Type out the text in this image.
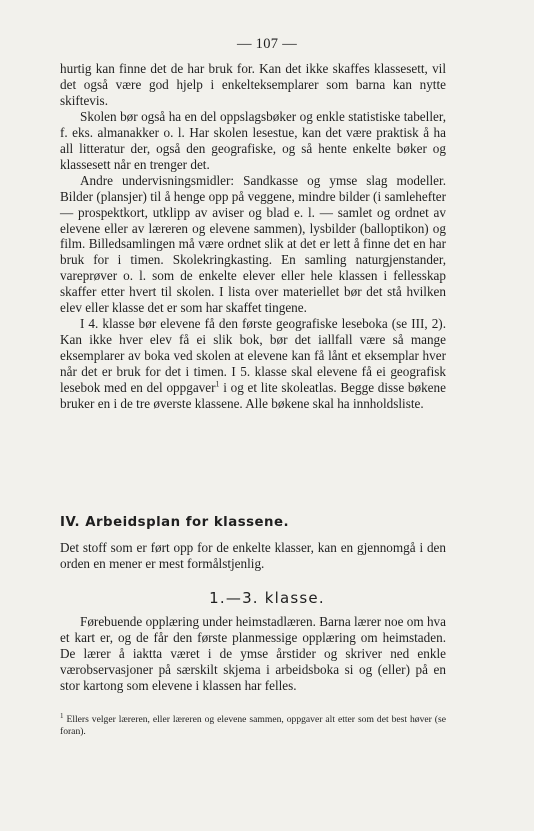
— 107 —

hurtig kan finne det de har bruk for. Kan det ikke skaffes klassesett, vil det også være god hjelp i enkelteksemplarer som barna kan nytte skiftevis.

Skolen bør også ha en del oppslagsbøker og enkle statistiske tabeller, f. eks. almanakker o. l. Har skolen lesestue, kan det være praktisk å ha all litteratur der, også den geografiske, og så hente enkelte bøker og klassesett når en trenger det.

Andre undervisningsmidler: Sandkasse og ymse slag modeller. Bilder (plansjer) til å henge opp på veggene, mindre bilder (i samlehefter — prospektkort, utklipp av aviser og blad e. l. — samlet og ordnet av elevene eller av læreren og elevene sammen), lysbilder (balloptikon) og film. Billedsamlingen må være ordnet slik at det er lett å finne det en har bruk for i timen. Skolekringkasting. En samling naturgjenstander, vareprøver o. l. som de enkelte elever eller hele klassen i fellesskap skaffer etter hvert til skolen. I lista over materiellet bør det stå hvilken elev eller klasse det er som har skaffet tingene.

I 4. klasse bør elevene få den første geografiske leseboka (se III, 2). Kan ikke hver elev få ei slik bok, bør det iallfall være så mange eksemplarer av boka ved skolen at elevene kan få lånt et eksemplar hver når det er bruk for det i timen. I 5. klasse skal elevene få ei geografisk lesebok med en del oppgaver$^1$ i og et lite skoleatlas. Begge disse bøkene bruker en i de tre øverste klassene. Alle bøkene skal ha innholdsliste.

IV. Arbeidsplan for klassene.

Det stoff som er ført opp for de enkelte klasser, kan en gjennomgå i den orden en mener er mest formålstjenlig.

1.—3. klasse.

Førebuende opplæring under heimstadlæren. Barna lærer noe om hva et kart er, og de får den første planmessige opplæring om heimstaden. De lærer å iaktta været i de ymse årstider og skriver ned enkle værobservasjoner på særskilt skjema i arbeidsboka si og (eller) på en stor kartong som elevene i klassen har felles.

$^1$ Ellers velger læreren, eller læreren og elevene sammen, oppgaver alt etter som det best høver (se foran).
